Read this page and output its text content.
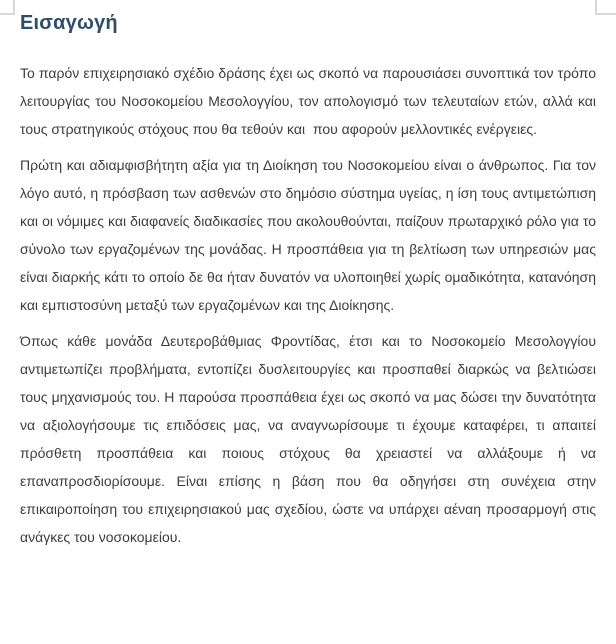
Εισαγωγή

Το παρόν επιχειρησιακό σχέδιο δράσης έχει ως σκοπό να παρουσιάσει συνοπτικά τον τρόπο λειτουργίας του Νοσοκομείου Μεσολογγίου, τον απολογισμό των τελευταίων ετών, αλλά και τους στρατηγικούς στόχους που θα τεθούν και  που αφορούν μελλοντικές ενέργειες.

Πρώτη και αδιαμφισβήτητη αξία για τη Διοίκηση του Νοσοκομείου είναι ο άνθρωπος. Για τον λόγο αυτό, η πρόσβαση των ασθενών στο δημόσιο σύστημα υγείας, η ίση τους αντιμετώπιση και οι νόμιμες και διαφανείς διαδικασίες που ακολουθούνται, παίζουν πρωταρχικό ρόλο για το σύνολο των εργαζομένων της μονάδας. Η προσπάθεια για τη βελτίωση των υπηρεσιών μας είναι διαρκής κάτι το οποίο δε θα ήταν δυνατόν να υλοποιηθεί χωρίς ομαδικότητα, κατανόηση και εμπιστοσύνη μεταξύ των εργαζομένων και της Διοίκησης.

Όπως κάθε μονάδα Δευτεροβάθμιας Φροντίδας, έτσι και το Νοσοκομείο Μεσολογγίου αντιμετωπίζει προβλήματα, εντοπίζει δυσλειτουργίες και προσπαθεί διαρκώς να βελτιώσει τους μηχανισμούς του. Η παρούσα προσπάθεια έχει ως σκοπό να μας δώσει την δυνατότητα να αξιολογήσουμε τις επιδόσεις μας, να αναγνωρίσουμε τι έχουμε καταφέρει, τι απαιτεί πρόσθετη προσπάθεια και ποιους στόχους θα χρειαστεί να αλλάξουμε ή να επαναπροσδιορίσουμε. Είναι επίσης η βάση που θα οδηγήσει στη συνέχεια στην επικαιροποίηση του επιχειρησιακού μας σχεδίου, ώστε να υπάρχει αέναη προσαρμογή στις ανάγκες του νοσοκομείου.
